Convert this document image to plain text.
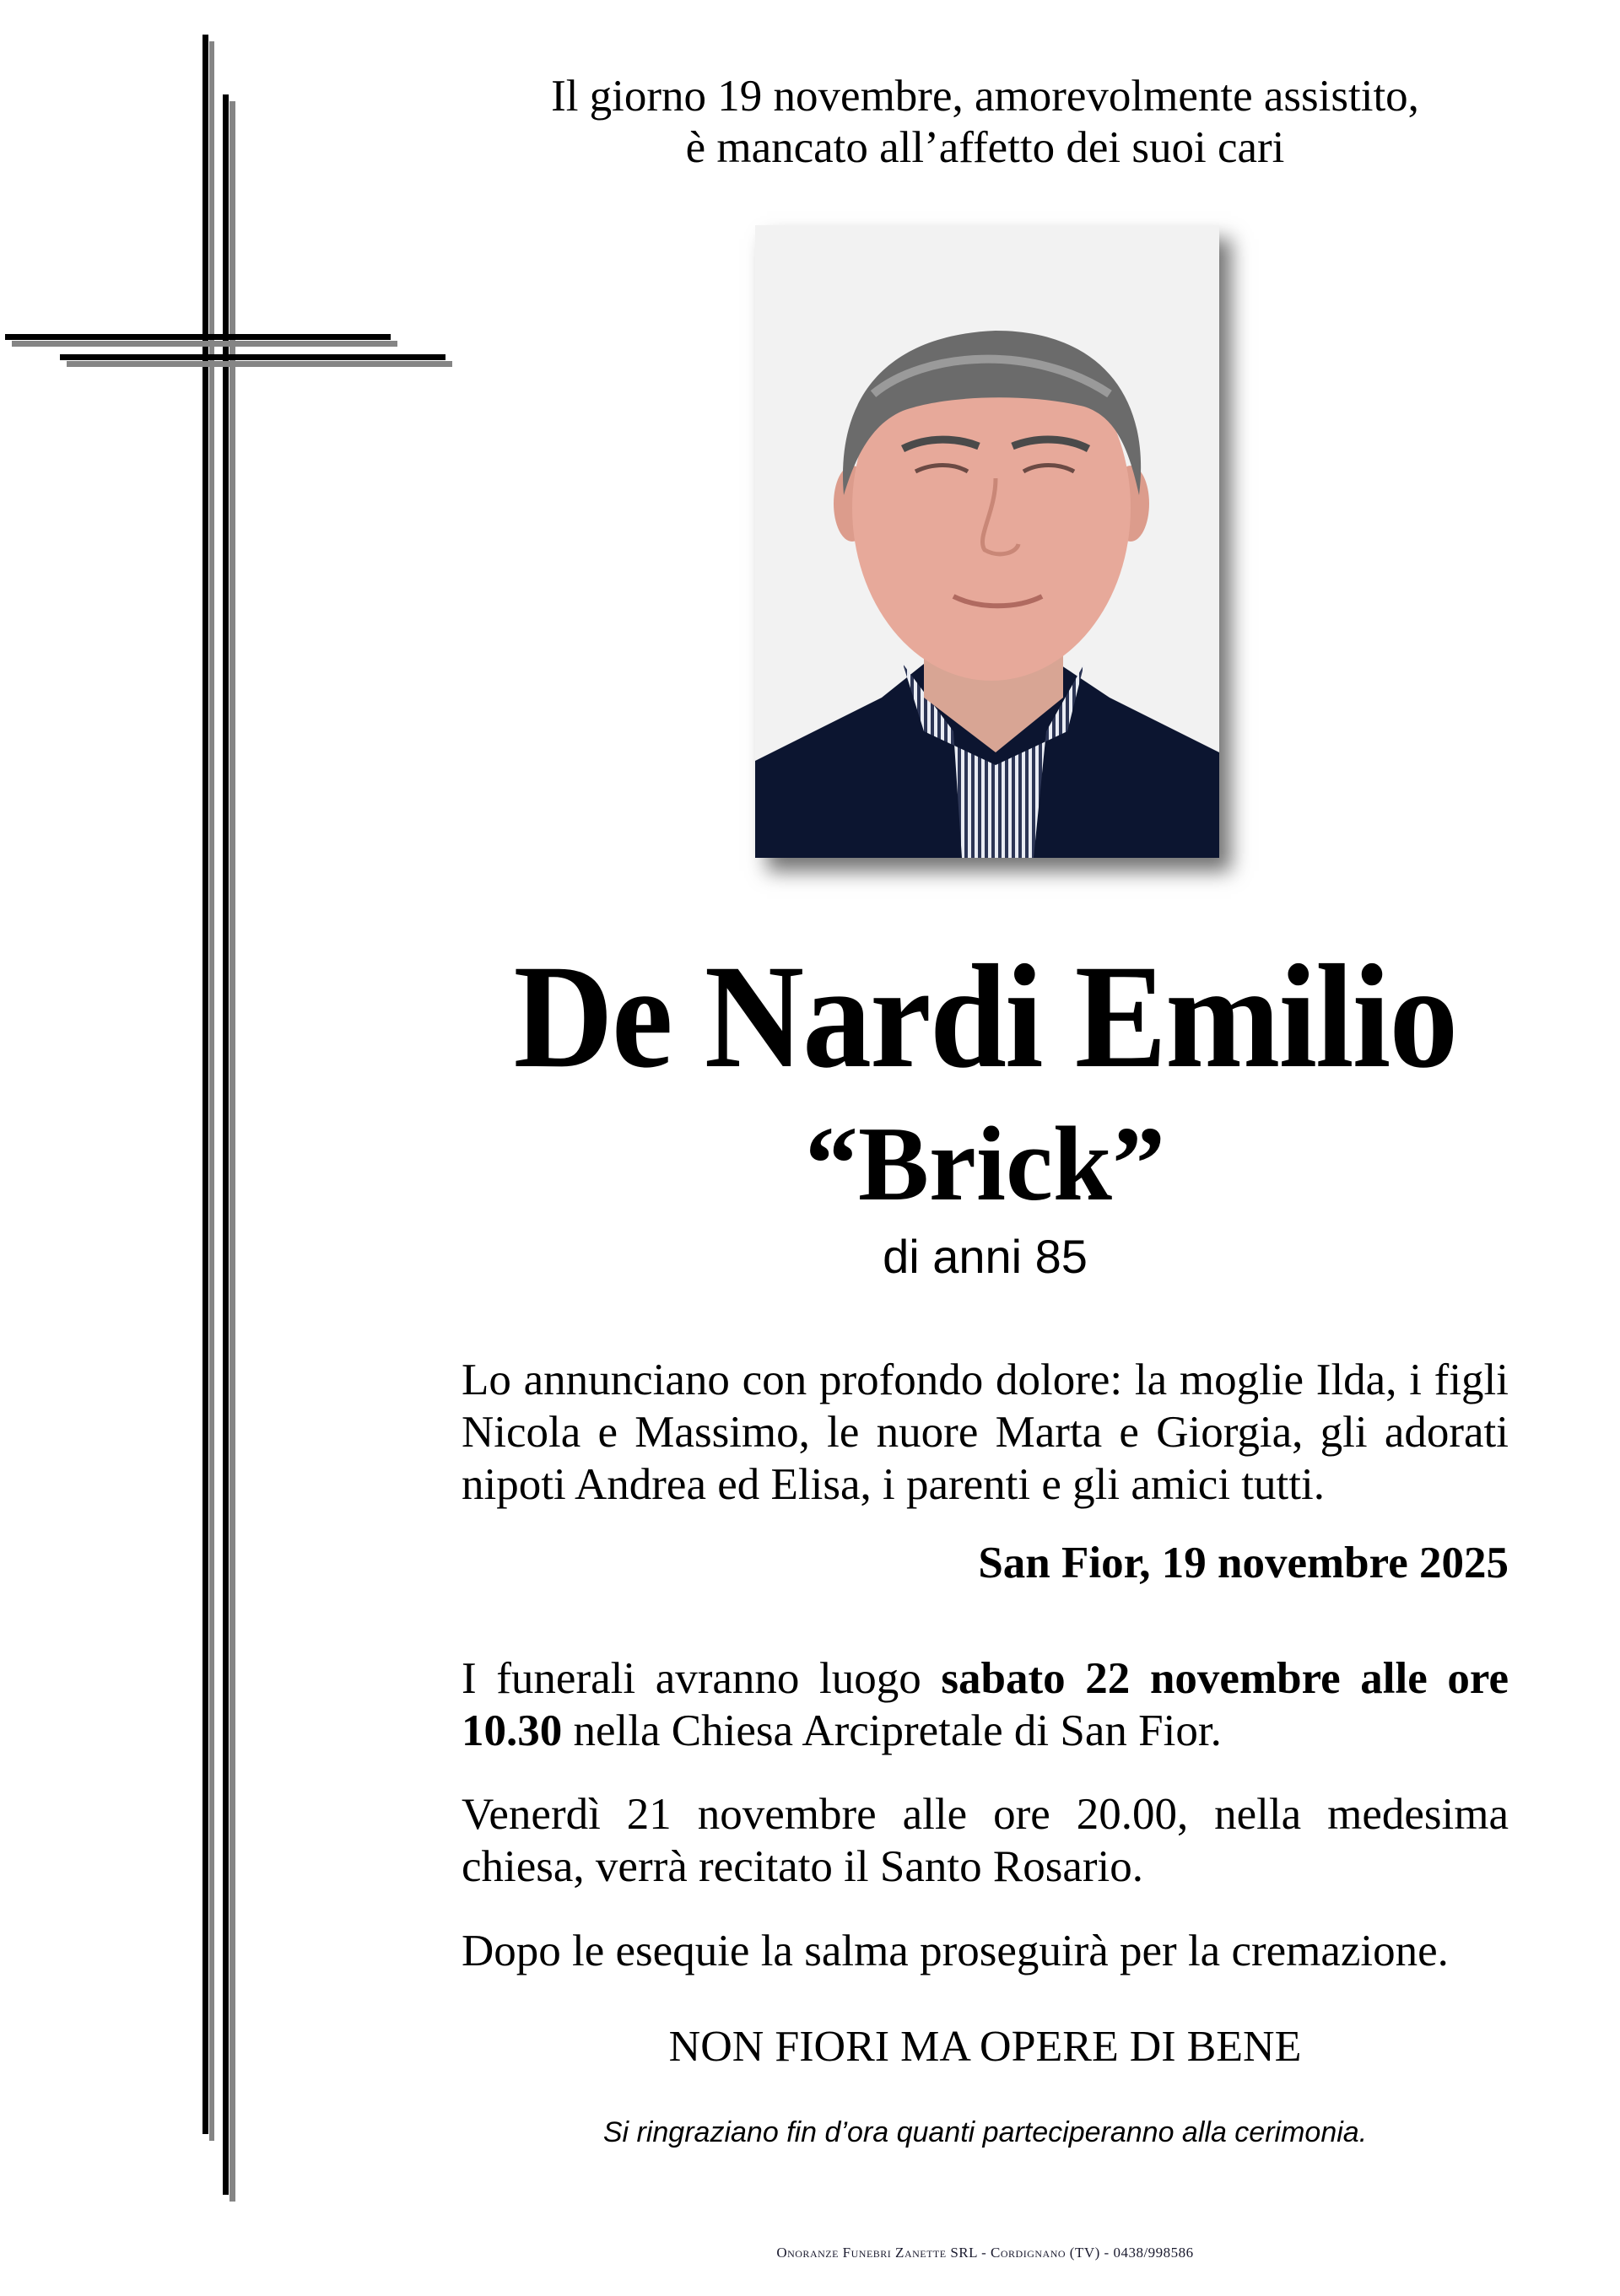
Il giorno 19 novembre, amorevolmente assistito,
è mancato all’affetto dei suoi cari
De Nardi Emilio
“Brick”
di anni 85

Lo annunciano con profondo dolore: la moglie Ilda, i figli Nicola e Massimo, le nuore Marta e Giorgia, gli adorati nipoti Andrea ed Elisa, i parenti e gli amici tutti.

San Fior, 19 novembre 2025

I funerali avranno luogo sabato 22 novembre alle ore 10.30 nella Chiesa Arcipretale di San Fior.

Venerdì 21 novembre alle ore 20.00, nella medesima chiesa, verrà recitato il Santo Rosario.

Dopo le esequie la salma proseguirà per la cremazione.

NON FIORI MA OPERE DI BENE
Si ringraziano fin d’ora quanti parteciperanno alla cerimonia.
Onoranze Funebri Zanette SRL - Cordignano (TV) - 0438/998586
